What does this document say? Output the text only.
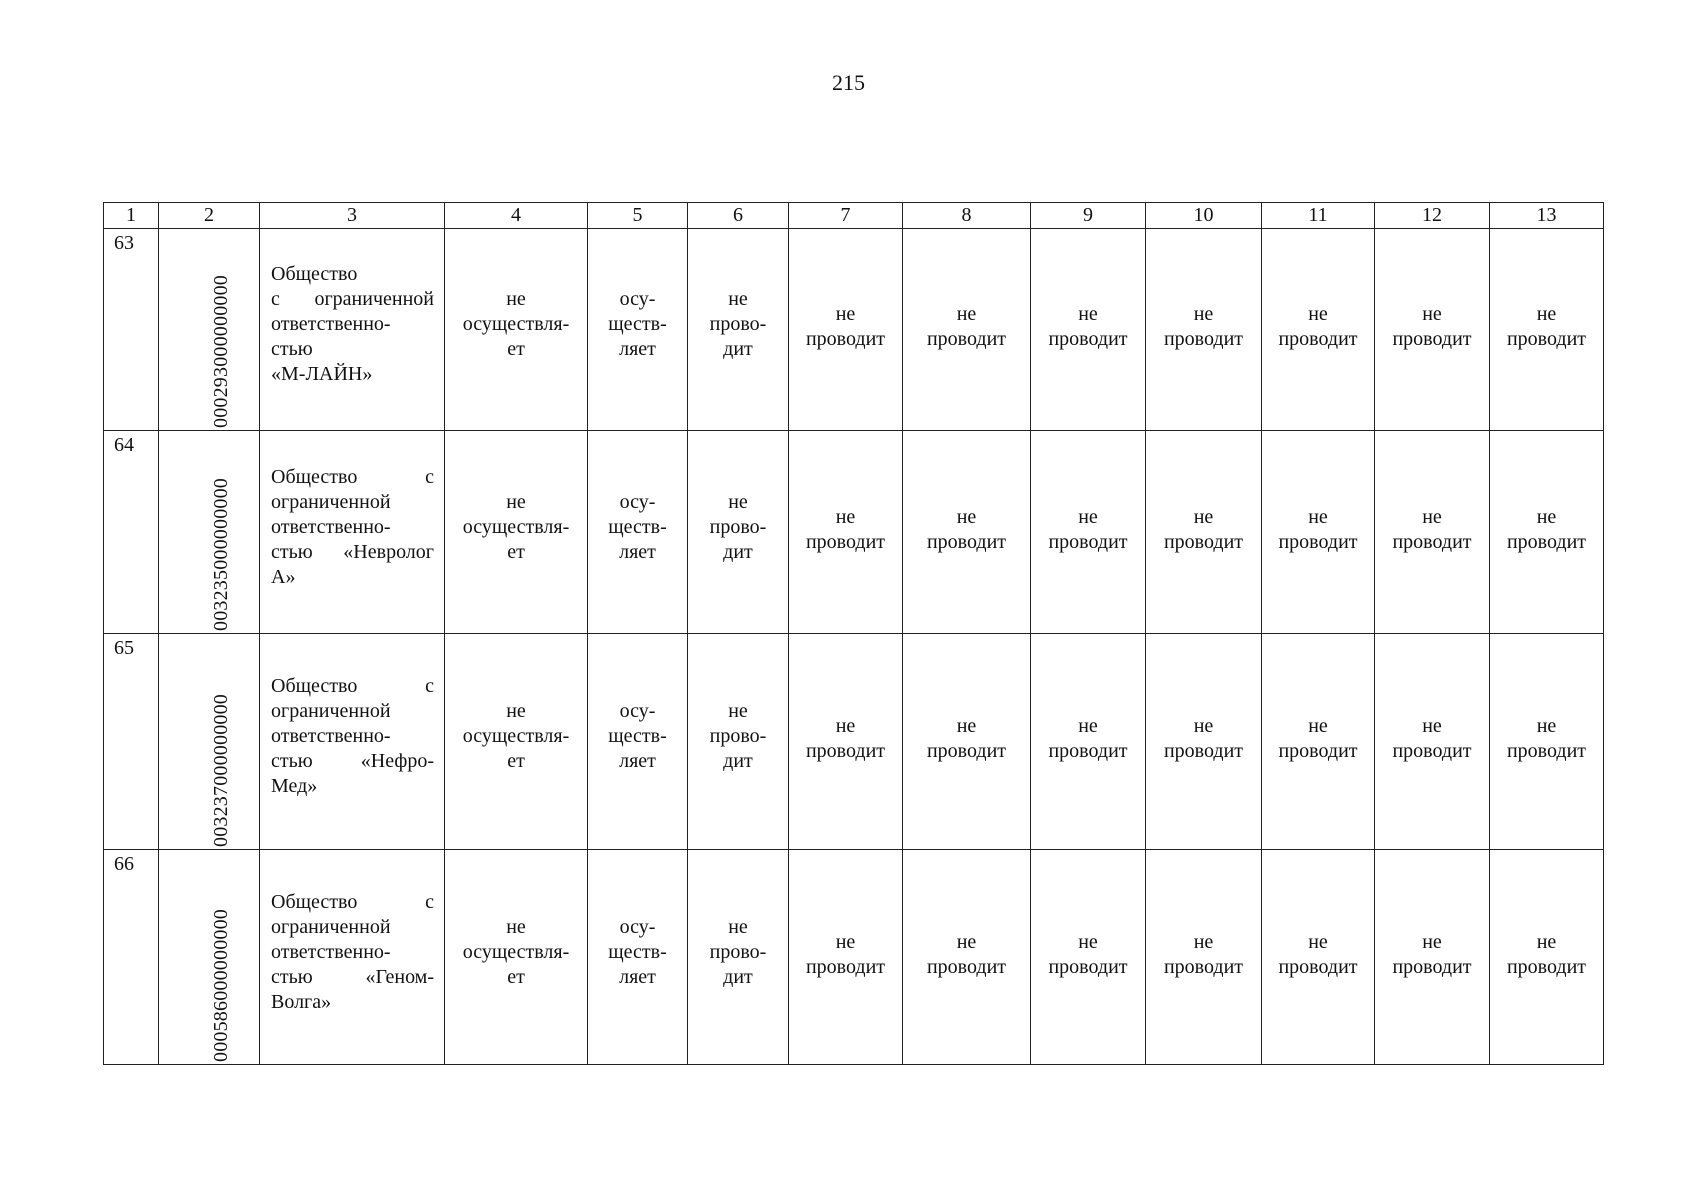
215
1	2	3	4	5	6	7	8	9	10	11	12	13
63	000293000000000	Общество
с ограниченной
ответственно-
стью
«М-ЛАЙН»	не
осуществля-
ет	осу-
ществ-
ляет	не
прово-
дит	не
проводит	не
проводит	не
проводит	не
проводит	не
проводит	не
проводит	не
проводит

64	003235000000000	Общество с
ограниченной
ответственно-
стью «Невролог
А»	не
осуществля-
ет	осу-
ществ-
ляет	не
прово-
дит	не
проводит	не
проводит	не
проводит	не
проводит	не
проводит	не
проводит	не
проводит

65	003237000000000	Общество с
ограниченной
ответственно-
стью «Нефро-
Мед»	не
осуществля-
ет	осу-
ществ-
ляет	не
прово-
дит	не
проводит	не
проводит	не
проводит	не
проводит	не
проводит	не
проводит	не
проводит

66	000586000000000	Общество с
ограниченной
ответственно-
стью «Геном-
Волга»	не
осуществля-
ет	осу-
ществ-
ляет	не
прово-
дит	не
проводит	не
проводит	не
проводит	не
проводит	не
проводит	не
проводит	не
проводит
